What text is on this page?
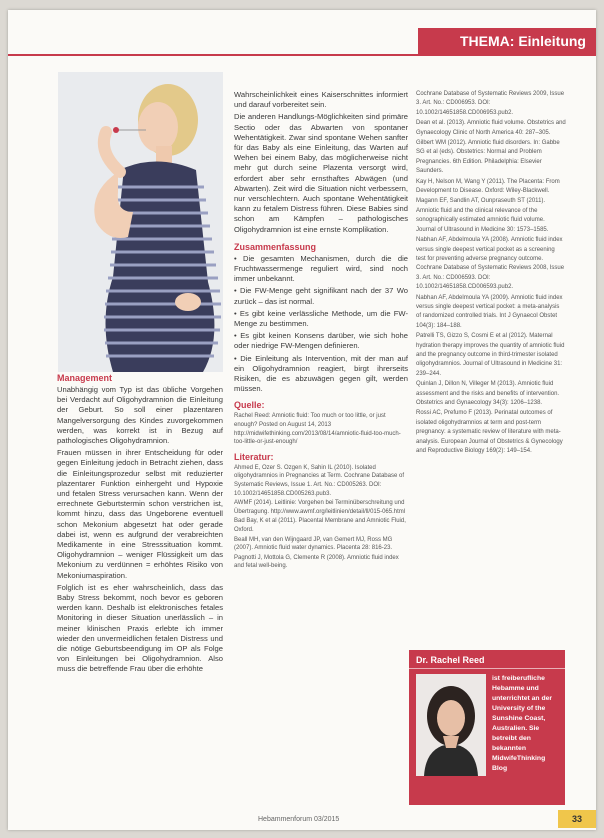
THEMA: Einleitung
Management

Unabhängig vom Typ ist das übliche Vorgehen bei Verdacht auf Oligohydramnion die Einleitung der Geburt. So soll einer plazentaren Mangelversorgung des Kindes zuvorgekommen werden, was korrekt ist in Bezug auf pathologisches Oligohydramnion.

Frauen müssen in ihrer Entscheidung für oder gegen Einleitung jedoch in Betracht ziehen, dass die Einleitungsprozedur selbst mit reduzierter plazentarer Funktion einhergeht und Hypoxie und fetalen Stress verursachen kann. Wenn der errechnete Geburtstermin schon verstrichen ist, kommt hinzu, dass das Ungeborene eventuell schon Mekonium abgesetzt hat oder gerade dabei ist, wenn es aufgrund der verabreichten Medikamente in eine Stresssituation kommt. Oligohydramnion – weniger Flüssigkeit um das Mekonium zu verdünnen = erhöhtes Risiko von Mekoniumaspiration.

Folglich ist es eher wahrscheinlich, dass das Baby Stress bekommt, noch bevor es geboren werden kann. Deshalb ist elektronisches fetales Monitoring in dieser Situation unerlässlich – in meiner klinischen Praxis erlebte ich immer wieder den unvermeidlichen fetalen Distress und die nötige Geburtsbeendigung im OP als Folge von Einleitungen bei Oligohydramnion. Also muss die betreffende Frau über die erhöhte

Wahrscheinlichkeit eines Kaiserschnittes informiert und darauf vorbereitet sein.

Die anderen Handlungs-Möglichkeiten sind primäre Sectio oder das Abwarten von spontaner Wehentätigkeit. Zwar sind spontane Wehen sanfter für das Baby als eine Einleitung, das Warten auf Wehen bei einem Baby, das möglicherweise nicht mehr gut durch seine Plazenta versorgt wird, erfordert aber sehr ernsthaftes Abwägen (und Abwarten). Zeit wird die Situation nicht verbessern, nur verschlechtern. Auch spontane Wehentätigkeit kann zu fetalem Distress führen. Diese Babies sind schon am Kämpfen – pathologisches Oligohydramnion ist eine ernste Komplikation.

Zusammenfassung

• Die gesamten Mechanismen, durch die die Fruchtwassermenge reguliert wird, sind noch immer unbekannt.

• Die FW-Menge geht signifikant nach der 37 Wo zurück – das ist normal.

• Es gibt keine verlässliche Methode, um die FW-Menge zu bestimmen.

• Es gibt keinen Konsens darüber, wie sich hohe oder niedrige FW-Mengen definieren.

• Die Einleitung als Intervention, mit der man auf ein Oligohydramnion reagiert, birgt ihrerseits Risiken, die es abzuwägen gegen gilt, werden müssen.

Quelle:

Rachel Reed: Amniotic fluid: Too much or too little, or just enough? Posted on August 14, 2013 http://midwifethinking.com/2013/08/14/amniotic-fluid-too-much-too-little-or-just-enough/

Literatur:

Ahmed E, Ozer S. Ozgen K, Sahin IL (2010). Isolated oligohydramnios in Pregnancies at Term. Cochrane Database of Systematic Reviews, Issue 1. Art. No.: CD005263. DOI: 10.1002/14651858.CD005263.pub3.

AWMF (2014). Leitlinie: Vorgehen bei Terminüberschreitung und Übertragung. http://www.awmf.org/leitlinien/detail/ll/015-065.html

Bad Bay, K et al (2011). Placental Membrane and Amniotic Fluid, Oxford.

Beall MH, van den Wijngaard JP, van Gemert MJ, Ross MG (2007). Amniotic fluid water dynamics. Placenta 28: 816-23.

Pagnotti J, Mottola G, Clemente R (2008). Amniotic fluid index and fetal well-being.

Cochrane Database of Systematic Reviews 2009, Issue 3. Art. No.: CD006953. DOI: 10.1002/14651858.CD006953.pub2.

Dean et al. (2013). Amniotic fluid volume. Obstetrics and Gynaecology Clinic of North America 40: 287–305.

Gilbert WM (2012). Amniotic fluid disorders. In: Gabbe SG et al (eds). Obstetrics: Normal and Problem Pregnancies. 6th Edition. Philadelphia: Elsevier Saunders.

Kay H, Nelson M, Wang Y (2011). The Placenta: From Development to Disease. Oxford: Wiley-Blackwell.

Magann EF, Sandlin AT, Ounpraseuth ST (2011). Amniotic fluid and the clinical relevance of the sonographically estimated amniotic fluid volume. Journal of Ultrasound in Medicine 30: 1573–1585.

Nabhan AF, Abdelmoula YA (2008). Amniotic fluid index versus single deepest vertical pocket as a screening test for preventing adverse pregnancy outcome. Cochrane Database of Systematic Reviews 2008, Issue 3. Art. No.: CD006593. DOI: 10.1002/14651858.CD006593.pub2.

Nabhan AF, Abdelmoula YA (2009). Amniotic fluid index versus single deepest vertical pocket: a meta-analysis of randomized controlled trials. Int J Gynaecol Obstet 104(3): 184–188.

Patrelli TS, Gizzo S, Cosmi E et al (2012). Maternal hydration therapy improves the quantity of amniotic fluid and the pregnancy outcome in third-trimester isolated oligohydramnios. Journal of Ultrasound in Medicine 31: 239–244.

Quinlan J, Dillon N, Villeger M (2013). Amniotic fluid assessment and the risks and benefits of intervention. Obstetrics and Gynaecology 34(3): 1206–1238.

Rossi AC, Prefumo F (2013). Perinatal outcomes of isolated oligohydramnios at term and post-term pregnancy: a systematic review of literature with meta-analysis. European Journal of Obstetrics & Gynecology and Reproductive Biology 169(2): 149–154.

Dr. Rachel Reed
ist freiberufliche Hebamme und unterrichtet an der University of the Sunshine Coast, Australien. Sie betreibt den bekannten MidwifeThinking Blog
Hebammenforum 03/2015	33
